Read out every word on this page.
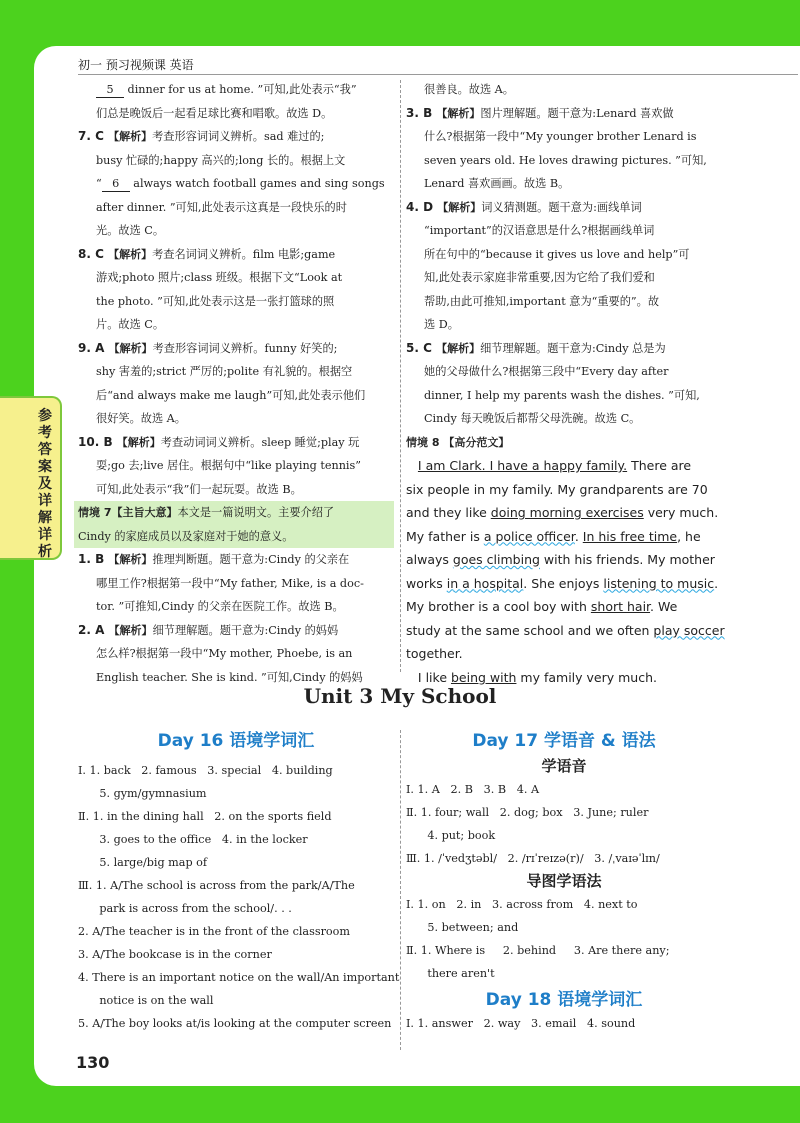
初一 预习视频课 英语
参考答案及详解详析
5 dinner for us at home. ”可知,此处表示“我”
们总是晚饭后一起看足球比赛和唱歌。故选 D。
7. C 【解析】考查形容词词义辨析。sad 难过的;
busy 忙碌的;happy 高兴的;long 长的。根据上文
“ 6 always watch football games and sing songs
after dinner. ”可知,此处表示这真是一段快乐的时
光。故选 C。
8. C 【解析】考查名词词义辨析。film 电影;game
游戏;photo 照片;class 班级。根据下文“Look at
the photo. ”可知,此处表示这是一张打篮球的照
片。故选 C。
9. A 【解析】考查形容词词义辨析。funny 好笑的;
shy 害羞的;strict 严厉的;polite 有礼貌的。根据空
后“and always make me laugh”可知,此处表示他们
很好笑。故选 A。
10. B 【解析】考查动词词义辨析。sleep 睡觉;play 玩
耍;go 去;live 居住。根据句中“like playing tennis”
可知,此处表示“我”们一起玩耍。故选 B。
情境 7【主旨大意】本文是一篇说明文。主要介绍了
Cindy 的家庭成员以及家庭对于她的意义。
1. B 【解析】推理判断题。题干意为:Cindy 的父亲在
哪里工作?根据第一段中“My father, Mike, is a doc-
tor. ”可推知,Cindy 的父亲在医院工作。故选 B。
2. A 【解析】细节理解题。题干意为:Cindy 的妈妈
怎么样?根据第一段中“My mother, Phoebe, is an
English teacher. She is kind. ”可知,Cindy 的妈妈
很善良。故选 A。
3. B 【解析】图片理解题。题干意为:Lenard 喜欢做
什么?根据第一段中“My younger brother Lenard is
seven years old. He loves drawing pictures. ”可知,
Lenard 喜欢画画。故选 B。
4. D 【解析】词义猜测题。题干意为:画线单词
“important”的汉语意思是什么?根据画线单词
所在句中的“because it gives us love and help”可
知,此处表示家庭非常重要,因为它给了我们爱和
帮助,由此可推知,important 意为“重要的”。故
选 D。
5. C 【解析】细节理解题。题干意为:Cindy 总是为
她的父母做什么?根据第三段中“Every day after
dinner, I help my parents wash the dishes. ”可知,
Cindy 每天晚饭后都帮父母洗碗。故选 C。
情境 8 【高分范文】
I am Clark. I have a happy family. There are
six people in my family. My grandparents are 70
and they like doing morning exercises very much.
My father is a police officer. In his free time, he
always goes climbing with his friends. My mother
works in a hospital. She enjoys listening to music.
My brother is a cool boy with short hair. We
study at the same school and we often play soccer
together.
I like being with my family very much.
Unit 3 My School
Day 16 语境学词汇
Ⅰ. 1. back   2. famous   3. special   4. building
5. gym/gymnasium
Ⅱ. 1. in the dining hall   2. on the sports field
3. goes to the office   4. in the locker
5. large/big map of
Ⅲ. 1. A/The school is across from the park/A/The
park is across from the school/. . .
2. A/The teacher is in the front of the classroom
3. A/The bookcase is in the corner
4. There is an important notice on the wall/An important
notice is on the wall
5. A/The boy looks at/is looking at the computer screen
Day 17 学语音 & 语法
学语音
Ⅰ. 1. A   2. B   3. B   4. A
Ⅱ. 1. four; wall   2. dog; box   3. June; ruler
4. put; book
Ⅲ. 1. /ˈvedʒtəbl/   2. /rɪˈreɪzə(r)/   3. /ˌvaɪəˈlɪn/
导图学语法
Ⅰ. 1. on   2. in   3. across from   4. next to
5. between; and
Ⅱ. 1. Where is     2. behind     3. Are there any;
there aren't
Day 18 语境学词汇
Ⅰ. 1. answer   2. way   3. email   4. sound
130
